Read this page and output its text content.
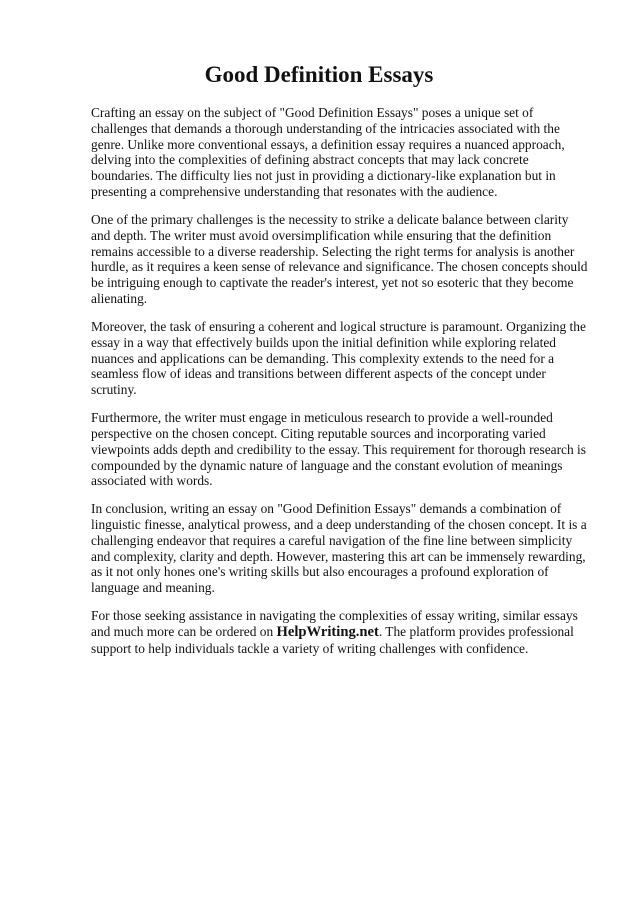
Good Definition Essays

Crafting an essay on the subject of "Good Definition Essays" poses a unique set of challenges that demands a thorough understanding of the intricacies associated with the genre. Unlike more conventional essays, a definition essay requires a nuanced approach, delving into the complexities of defining abstract concepts that may lack concrete boundaries. The difficulty lies not just in providing a dictionary-like explanation but in presenting a comprehensive understanding that resonates with the audience.

One of the primary challenges is the necessity to strike a delicate balance between clarity and depth. The writer must avoid oversimplification while ensuring that the definition remains accessible to a diverse readership. Selecting the right terms for analysis is another hurdle, as it requires a keen sense of relevance and significance. The chosen concepts should be intriguing enough to captivate the reader's interest, yet not so esoteric that they become alienating.

Moreover, the task of ensuring a coherent and logical structure is paramount. Organizing the essay in a way that effectively builds upon the initial definition while exploring related nuances and applications can be demanding. This complexity extends to the need for a seamless flow of ideas and transitions between different aspects of the concept under scrutiny.

Furthermore, the writer must engage in meticulous research to provide a well-rounded perspective on the chosen concept. Citing reputable sources and incorporating varied viewpoints adds depth and credibility to the essay. This requirement for thorough research is compounded by the dynamic nature of language and the constant evolution of meanings associated with words.

In conclusion, writing an essay on "Good Definition Essays" demands a combination of linguistic finesse, analytical prowess, and a deep understanding of the chosen concept. It is a challenging endeavor that requires a careful navigation of the fine line between simplicity and complexity, clarity and depth. However, mastering this art can be immensely rewarding, as it not only hones one's writing skills but also encourages a profound exploration of language and meaning.

For those seeking assistance in navigating the complexities of essay writing, similar essays and much more can be ordered on HelpWriting.net. The platform provides professional support to help individuals tackle a variety of writing challenges with confidence.
